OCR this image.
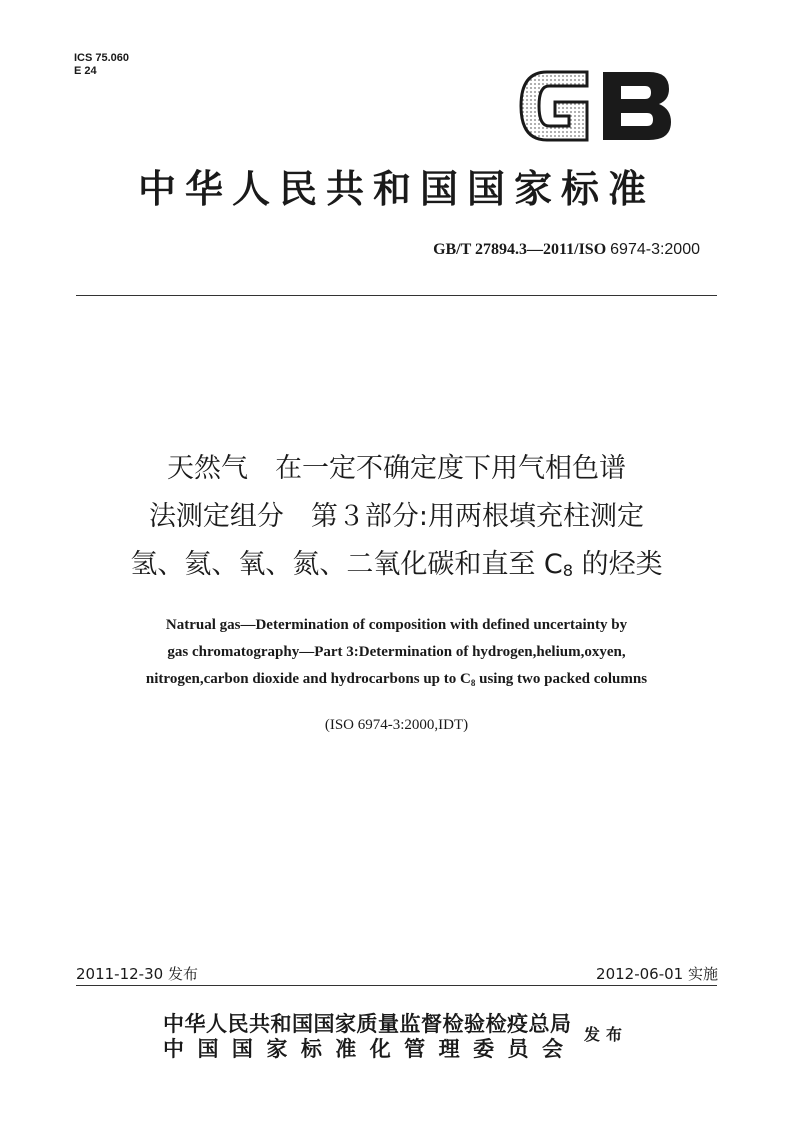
ICS 75.060
E 24
中华人民共和国国家标准
GB/T 27894.3—2011/ISO 6974-3:2000
天然气　在一定不确定度下用气相色谱
法测定组分　第３部分:用两根填充柱测定
氢、氦、氧、氮、二氧化碳和直至 C8 的烃类
Natrual gas—Determination of composition with defined uncertainty by
gas chromatography—Part 3:Determination of hydrogen,helium,oxyen,
nitrogen,carbon dioxide and hydrocarbons up to $C_8$ using two packed columns
(ISO 6974-3:2000,IDT)
2011-12-30 发布	2012-06-01 实施
中华人民共和国国家质量监督检验检疫总局
中国国家标准化管理委员会
发布
